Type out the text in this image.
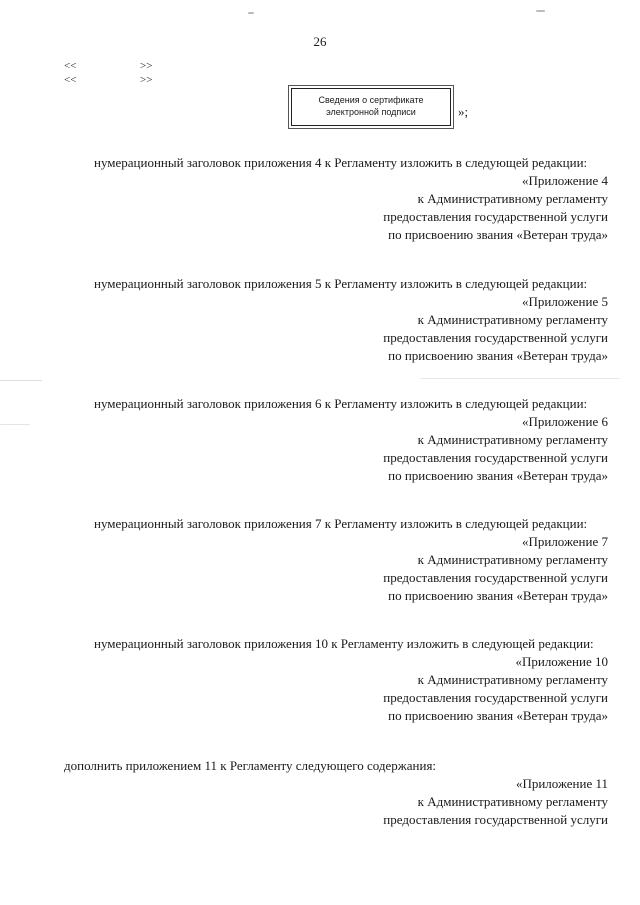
26
<<	>>
<<	>>
Сведения о сертификате
электронной подписи	»;
нумерационный заголовок приложения 4 к Регламенту изложить в следующей редакции:
«Приложение 4
к Административному регламенту
предоставления государственной услуги
по присвоению звания «Ветеран труда»
нумерационный заголовок приложения 5 к Регламенту изложить в следующей редакции:
«Приложение 5
к Административному регламенту
предоставления государственной услуги
по присвоению звания «Ветеран труда»
нумерационный заголовок приложения 6 к Регламенту изложить в следующей редакции:
«Приложение 6
к Административному регламенту
предоставления государственной услуги
по присвоению звания «Ветеран труда»
нумерационный заголовок приложения 7 к Регламенту изложить в следующей редакции:
«Приложение 7
к Административному регламенту
предоставления государственной услуги
по присвоению звания «Ветеран труда»
нумерационный заголовок приложения 10 к Регламенту изложить в следующей редакции:
«Приложение 10
к Административному регламенту
предоставления государственной услуги
по присвоению звания «Ветеран труда»
дополнить приложением 11 к Регламенту следующего содержания:
«Приложение 11
к Административному регламенту
предоставления государственной услуги
